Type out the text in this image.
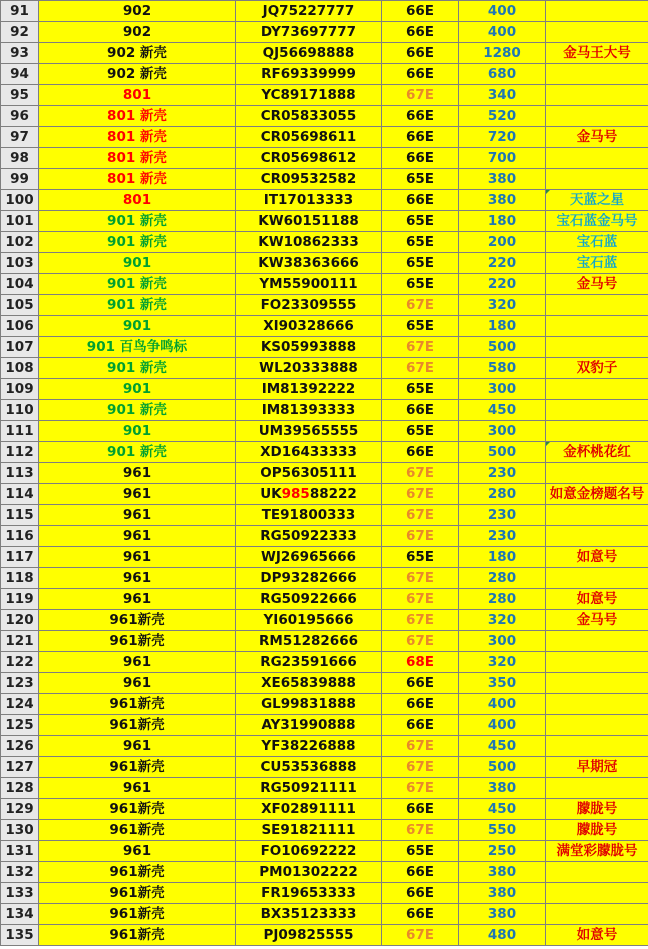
91	902	JQ75227777	66E	400	
92	902	DY73697777	66E	400	
93	902 新壳	QJ56698888	66E	1280	金马王大号
94	902 新壳	RF69339999	66E	680	
95	801	YC89171888	67E	340	
96	801 新壳	CR05833055	66E	520	
97	801 新壳	CR05698611	66E	720	金马号
98	801 新壳	CR05698612	66E	700	
99	801 新壳	CR09532582	65E	380	
100	801	IT17013333	66E	380	天蓝之星
101	901 新壳	KW60151188	65E	180	宝石蓝金马号
102	901 新壳	KW10862333	65E	200	宝石蓝
103	901	KW38363666	65E	220	宝石蓝
104	901 新壳	YM55900111	65E	220	金马号
105	901 新壳	FO23309555	67E	320	
106	901	XI90328666	65E	180	
107	901 百鸟争鸣标	KS05993888	67E	500	
108	901 新壳	WL20333888	67E	580	双豹子
109	901	IM81392222	65E	300	
110	901 新壳	IM81393333	66E	450	
111	901	UM39565555	65E	300	
112	901 新壳	XD16433333	66E	500	金杯桃花红
113	961	OP56305111	67E	230	
114	961	UK98588222	67E	280	如意金榜题名号
115	961	TE91800333	67E	230	
116	961	RG50922333	67E	230	
117	961	WJ26965666	65E	180	如意号
118	961	DP93282666	67E	280	
119	961	RG50922666	67E	280	如意号
120	961新壳	YI60195666	67E	320	金马号
121	961新壳	RM51282666	67E	300	
122	961	RG23591666	68E	320	
123	961	XE65839888	66E	350	
124	961新壳	GL99831888	66E	400	
125	961新壳	AY31990888	66E	400	
126	961	YF38226888	67E	450	
127	961新壳	CU53536888	67E	500	早期冠
128	961	RG50921111	67E	380	
129	961新壳	XF02891111	66E	450	朦胧号
130	961新壳	SE91821111	67E	550	朦胧号
131	961	FO10692222	65E	250	满堂彩朦胧号
132	961新壳	PM01302222	66E	380	
133	961新壳	FR19653333	66E	380	
134	961新壳	BX35123333	66E	380	
135	961新壳	PJ09825555	67E	480	如意号
